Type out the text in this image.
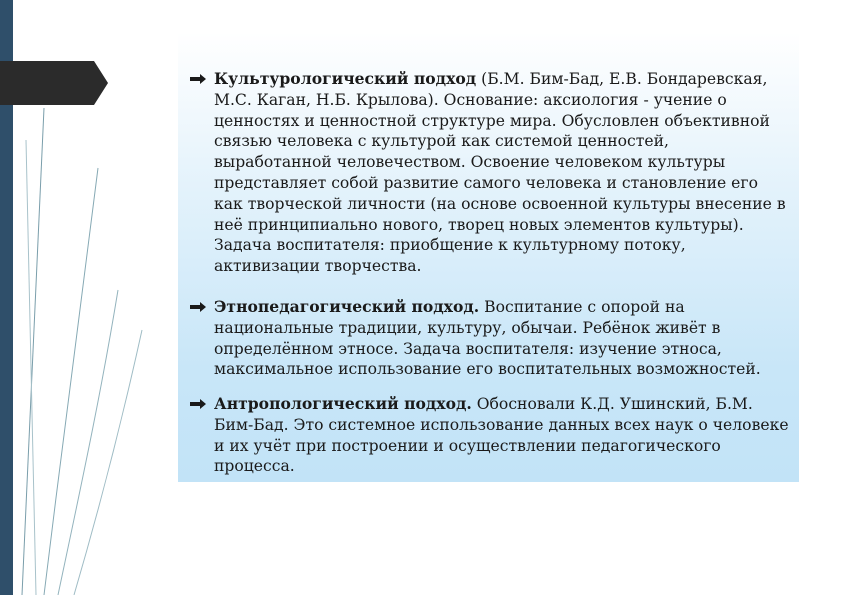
Культурологический подход (Б.М. Бим-Бад, Е.В. Бондаревская, М.С. Каган, Н.Б. Крылова). Основание: аксиология - учение о ценностях и ценностной структуре мира. Обусловлен объективной связью человека с культурой как системой ценностей, выработанной человечеством. Освоение человеком культуры представляет собой развитие самого человека и становление его как творческой личности (на основе освоенной культуры внесение в неё принципиально нового, творец новых элементов культуры). Задача воспитателя: приобщение к культурному потоку, активизации творчества.
Этнопедагогический подход. Воспитание с опорой на национальные традиции, культуру, обычаи. Ребёнок живёт в определённом этносе. Задача воспитателя: изучение этноса, максимальное использование его воспитательных возможностей.
Антропологический подход. Обосновали К.Д. Ушинский, Б.М. Бим-Бад. Это системное использование данных всех наук о человеке и их учёт при построении и осуществлении педагогического процесса.
